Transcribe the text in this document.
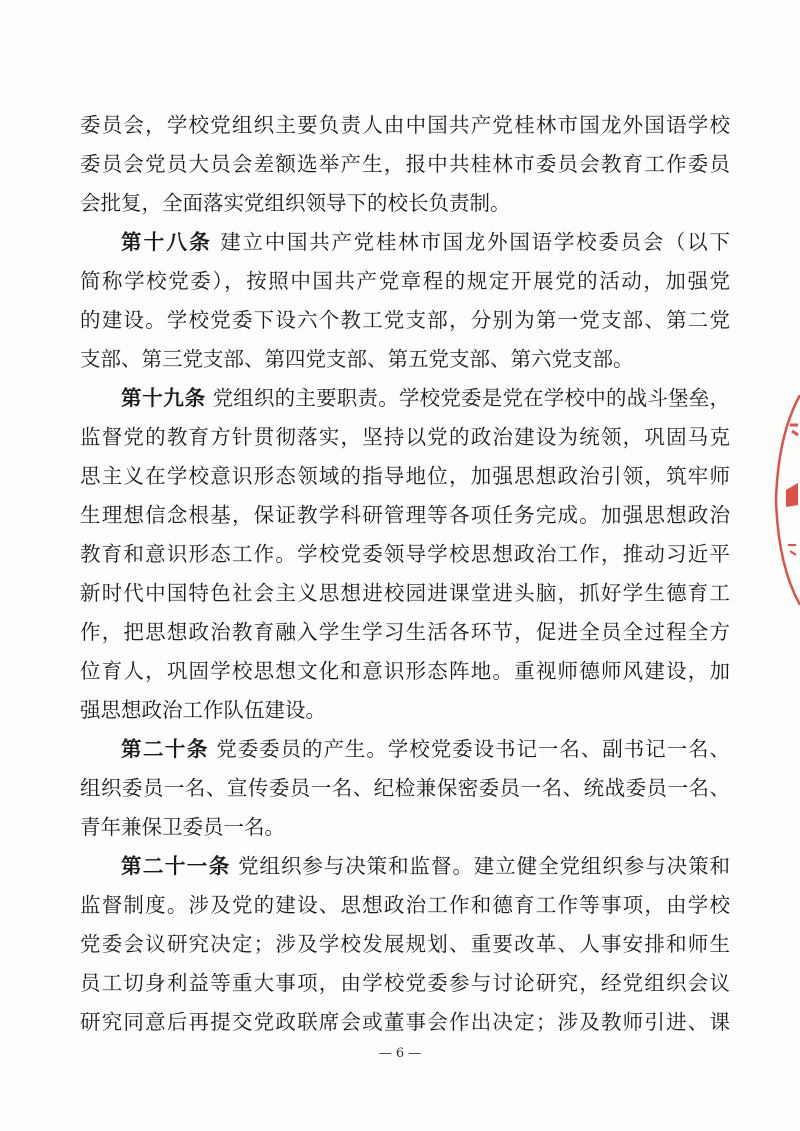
委员会，学校党组织主要负责人由中国共产党桂林市国龙外国语学校
委员会党员大员会差额选举产生，报中共桂林市委员会教育工作委员
会批复，全面落实党组织领导下的校长负责制。
第十八条 建立中国共产党桂林市国龙外国语学校委员会（以下
简称学校党委），按照中国共产党章程的规定开展党的活动，加强党
的建设。学校党委下设六个教工党支部，分别为第一党支部、第二党
支部、第三党支部、第四党支部、第五党支部、第六党支部。
第十九条 党组织的主要职责。学校党委是党在学校中的战斗堡垒，
监督党的教育方针贯彻落实，坚持以党的政治建设为统领，巩固马克
思主义在学校意识形态领域的指导地位，加强思想政治引领，筑牢师
生理想信念根基，保证教学科研管理等各项任务完成。加强思想政治
教育和意识形态工作。学校党委领导学校思想政治工作，推动习近平
新时代中国特色社会主义思想进校园进课堂进头脑，抓好学生德育工
作，把思想政治教育融入学生学习生活各环节，促进全员全过程全方
位育人，巩固学校思想文化和意识形态阵地。重视师德师风建设，加
强思想政治工作队伍建设。
第二十条 党委委员的产生。学校党委设书记一名、副书记一名、
组织委员一名、宣传委员一名、纪检兼保密委员一名、统战委员一名、
青年兼保卫委员一名。
第二十一条 党组织参与决策和监督。建立健全党组织参与决策和
监督制度。涉及党的建设、思想政治工作和德育工作等事项，由学校
党委会议研究决定；涉及学校发展规划、重要改革、人事安排和师生
员工切身利益等重大事项，由学校党委参与讨论研究，经党组织会议
研究同意后再提交党政联席会或董事会作出决定；涉及教师引进、课
— 6 —
